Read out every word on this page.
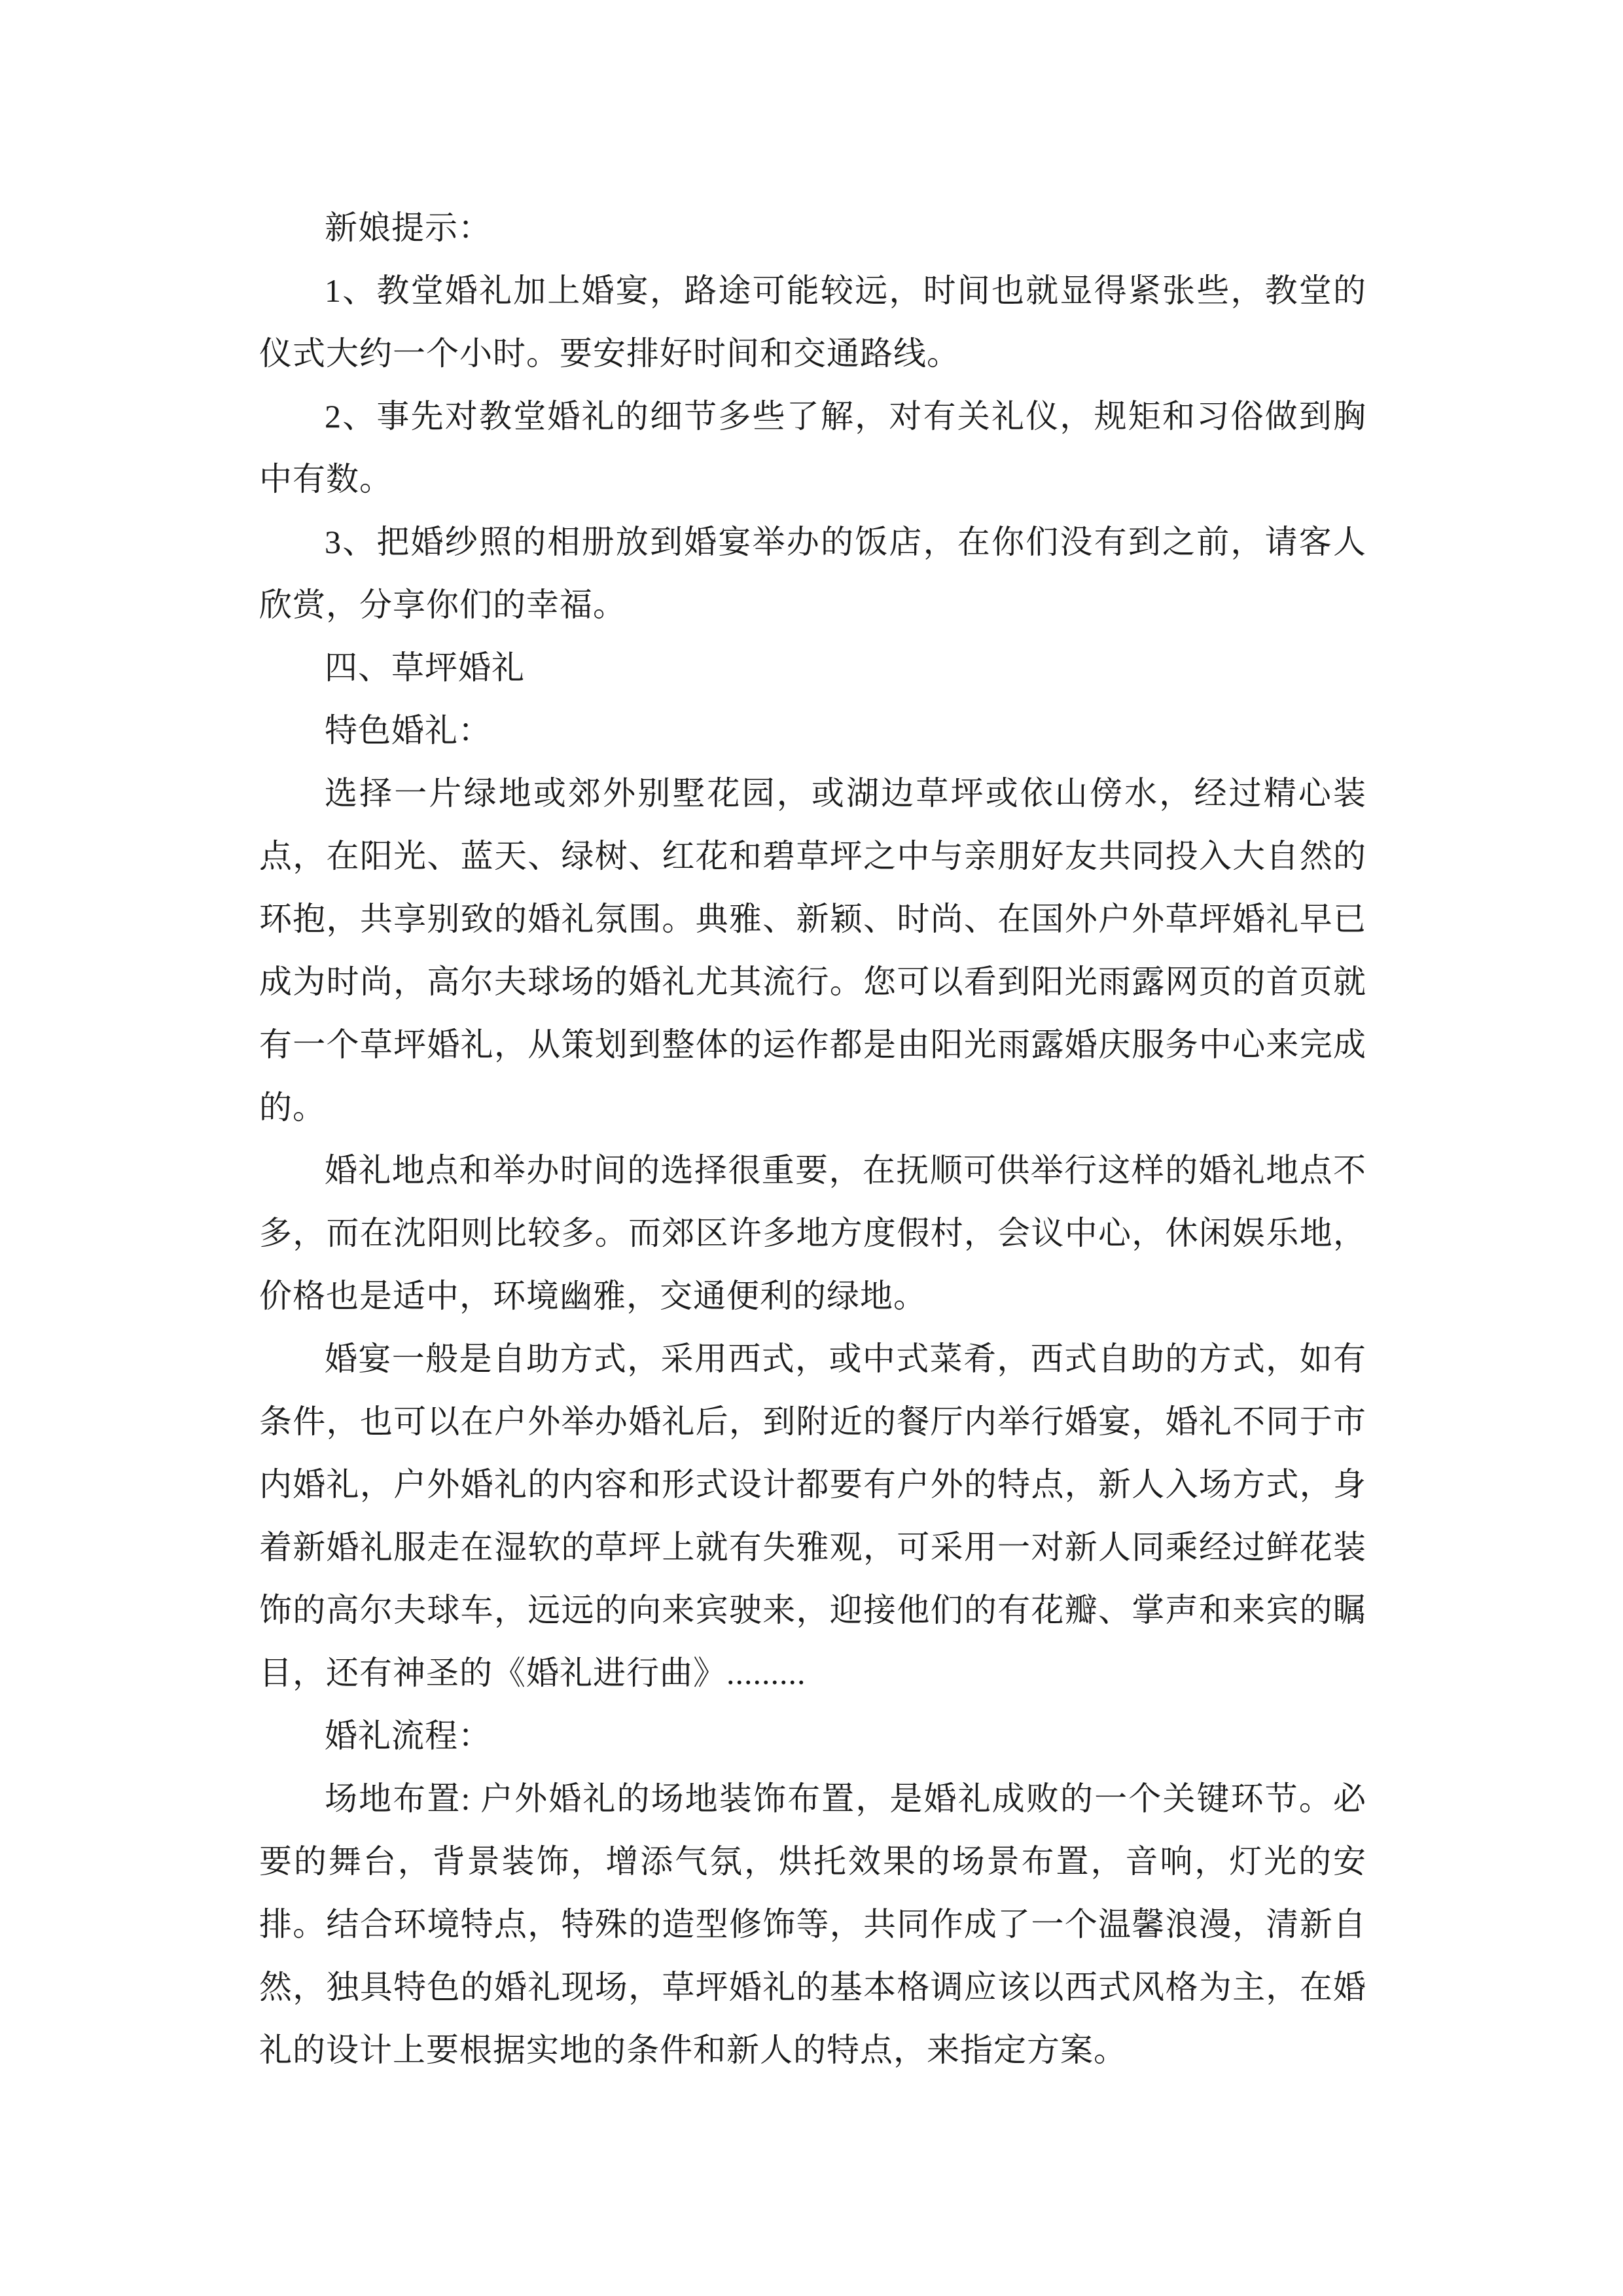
新娘提示：

1、教堂婚礼加上婚宴，路途可能较远，时间也就显得紧张些，教堂的仪式大约一个小时。要安排好时间和交通路线。

2、事先对教堂婚礼的细节多些了解，对有关礼仪，规矩和习俗做到胸中有数。

3、把婚纱照的相册放到婚宴举办的饭店，在你们没有到之前，请客人欣赏，分享你们的幸福。

四、草坪婚礼

特色婚礼：

选择一片绿地或郊外别墅花园，或湖边草坪或依山傍水，经过精心装点，在阳光、蓝天、绿树、红花和碧草坪之中与亲朋好友共同投入大自然的环抱，共享别致的婚礼氛围。典雅、新颖、时尚、在国外户外草坪婚礼早已成为时尚，高尔夫球场的婚礼尤其流行。您可以看到阳光雨露网页的首页就有一个草坪婚礼，从策划到整体的运作都是由阳光雨露婚庆服务中心来完成的。

婚礼地点和举办时间的选择很重要，在抚顺可供举行这样的婚礼地点不多，而在沈阳则比较多。而郊区许多地方度假村，会议中心，休闲娱乐地，价格也是适中，环境幽雅，交通便利的绿地。

婚宴一般是自助方式，采用西式，或中式菜肴，西式自助的方式，如有条件，也可以在户外举办婚礼后，到附近的餐厅内举行婚宴，婚礼不同于市内婚礼，户外婚礼的内容和形式设计都要有户外的特点，新人入场方式，身着新婚礼服走在湿软的草坪上就有失雅观，可采用一对新人同乘经过鲜花装饰的高尔夫球车，远远的向来宾驶来，迎接他们的有花瓣、掌声和来宾的瞩目，还有神圣的《婚礼进行曲》.........

婚礼流程：

场地布置: 户外婚礼的场地装饰布置，是婚礼成败的一个关键环节。必要的舞台，背景装饰，增添气氛，烘托效果的场景布置，音响，灯光的安排。结合环境特点，特殊的造型修饰等，共同作成了一个温馨浪漫，清新自然，独具特色的婚礼现场，草坪婚礼的基本格调应该以西式风格为主，在婚礼的设计上要根据实地的条件和新人的特点，来指定方案。
